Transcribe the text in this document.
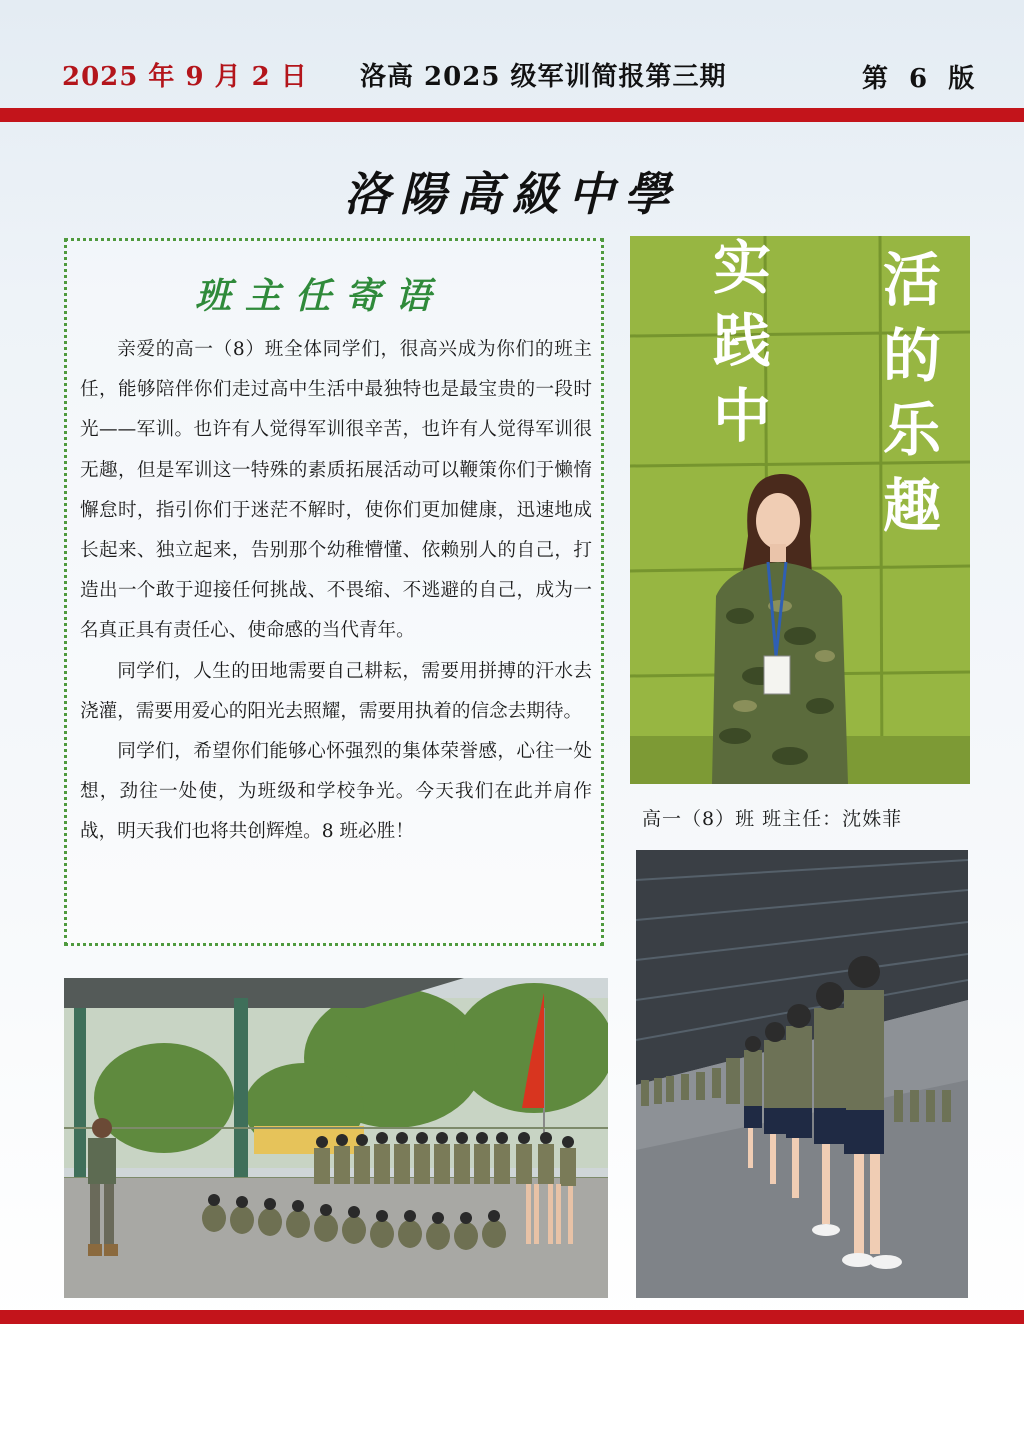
2025 年 9 月 2 日 洛高 2025 级军训简报第三期	第 6 版
洛陽高級中學
班主任寄语

亲爱的高一（8）班全体同学们，很高兴成为你们的班主任，能够陪伴你们走过高中生活中最独特也是最宝贵的一段时光——军训。也许有人觉得军训很辛苦，也许有人觉得军训很无趣，但是军训这一特殊的素质拓展活动可以鞭策你们于懒惰懈怠时，指引你们于迷茫不解时，使你们更加健康，迅速地成长起来、独立起来，告别那个幼稚懵懂、依赖别人的自己，打造出一个敢于迎接任何挑战、不畏缩、不逃避的自己，成为一名真正具有责任心、使命感的当代青年。

同学们，人生的田地需要自己耕耘，需要用拼搏的汗水去浇灌，需要用爱心的阳光去照耀，需要用执着的信念去期待。

同学们，希望你们能够心怀强烈的集体荣誉感，心往一处想，劲往一处使，为班级和学校争光。今天我们在此并肩作战，明天我们也将共创辉煌。8 班必胜！

实
践
中
活
的
乐
趣
高一（8）班 班主任：沈姝菲
